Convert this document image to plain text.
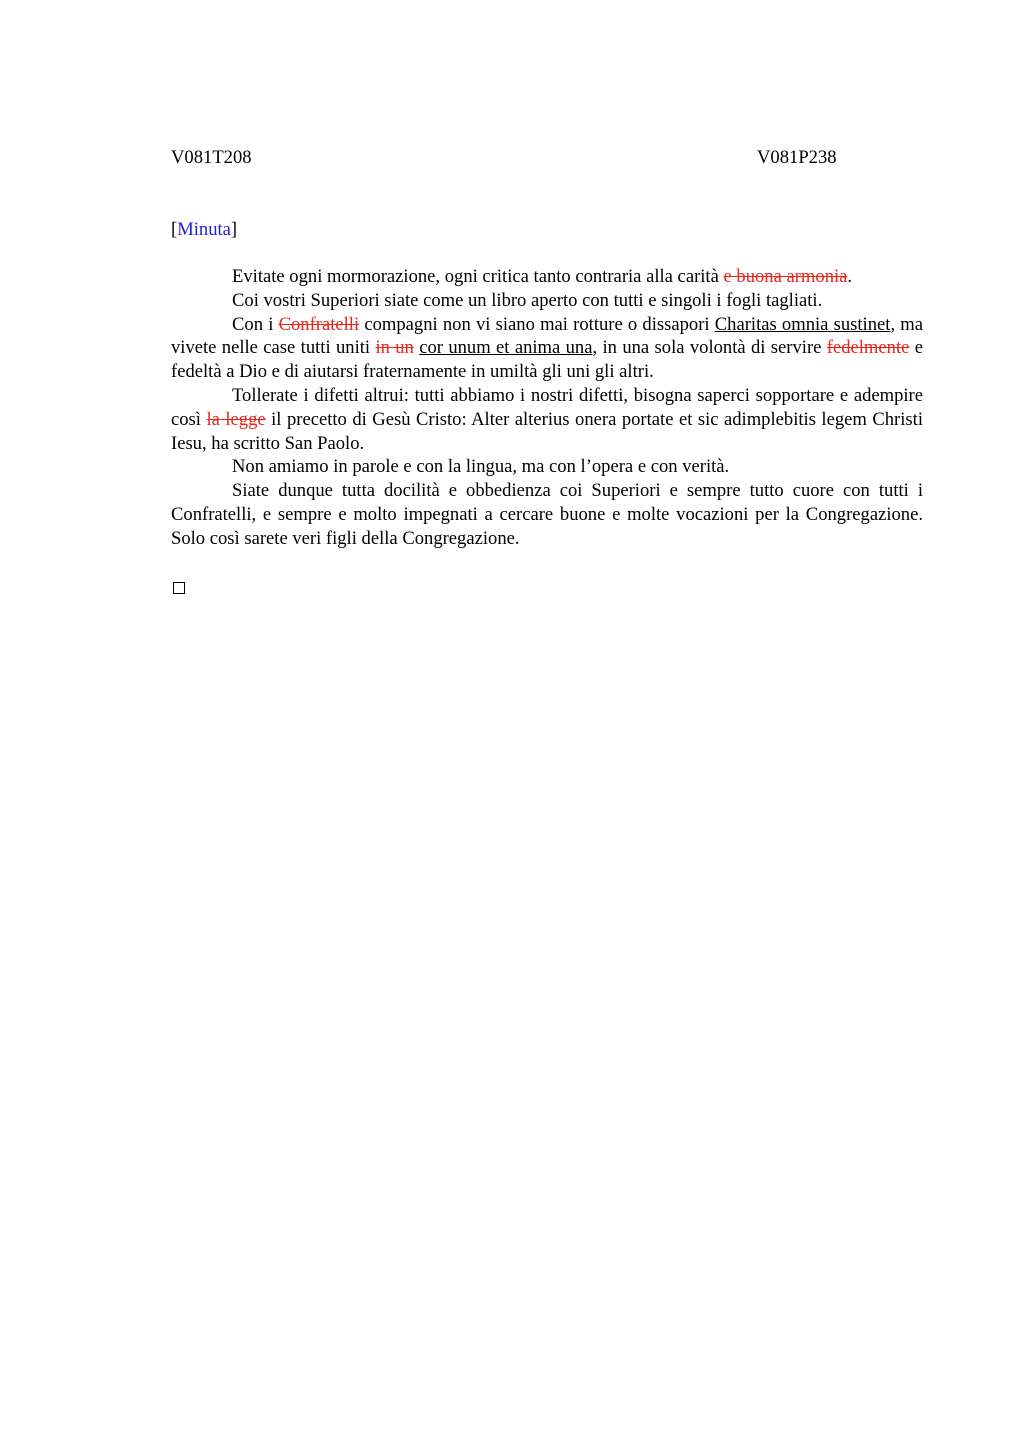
V081T208	V081P238
[Minuta]

Evitate ogni mormorazione, ogni critica tanto contraria alla carità e buona armonia.

Coi vostri Superiori siate come un libro aperto con tutti e singoli i fogli tagliati.

Con i Confratelli compagni non vi siano mai rotture o dissapori Charitas omnia sustinet, ma vivete nelle case tutti uniti in un cor unum et anima una, in una sola volontà di servire fedelmente e fedeltà a Dio e di aiutarsi fraternamente in umiltà gli uni gli altri.

Tollerate i difetti altrui: tutti abbiamo i nostri difetti, bisogna saperci sopportare e adempire così la legge il precetto di Gesù Cristo: Alter alterius onera portate et sic adimplebitis legem Christi Iesu, ha scritto San Paolo.

Non amiamo in parole e con la lingua, ma con l’opera e con verità.

Siate dunque tutta docilità e obbedienza coi Superiori e sempre tutto cuore con tutti i Confratelli, e sempre e molto impegnati a cercare buone e molte vocazioni per la Congregazione. Solo così sarete veri figli della Congregazione.
